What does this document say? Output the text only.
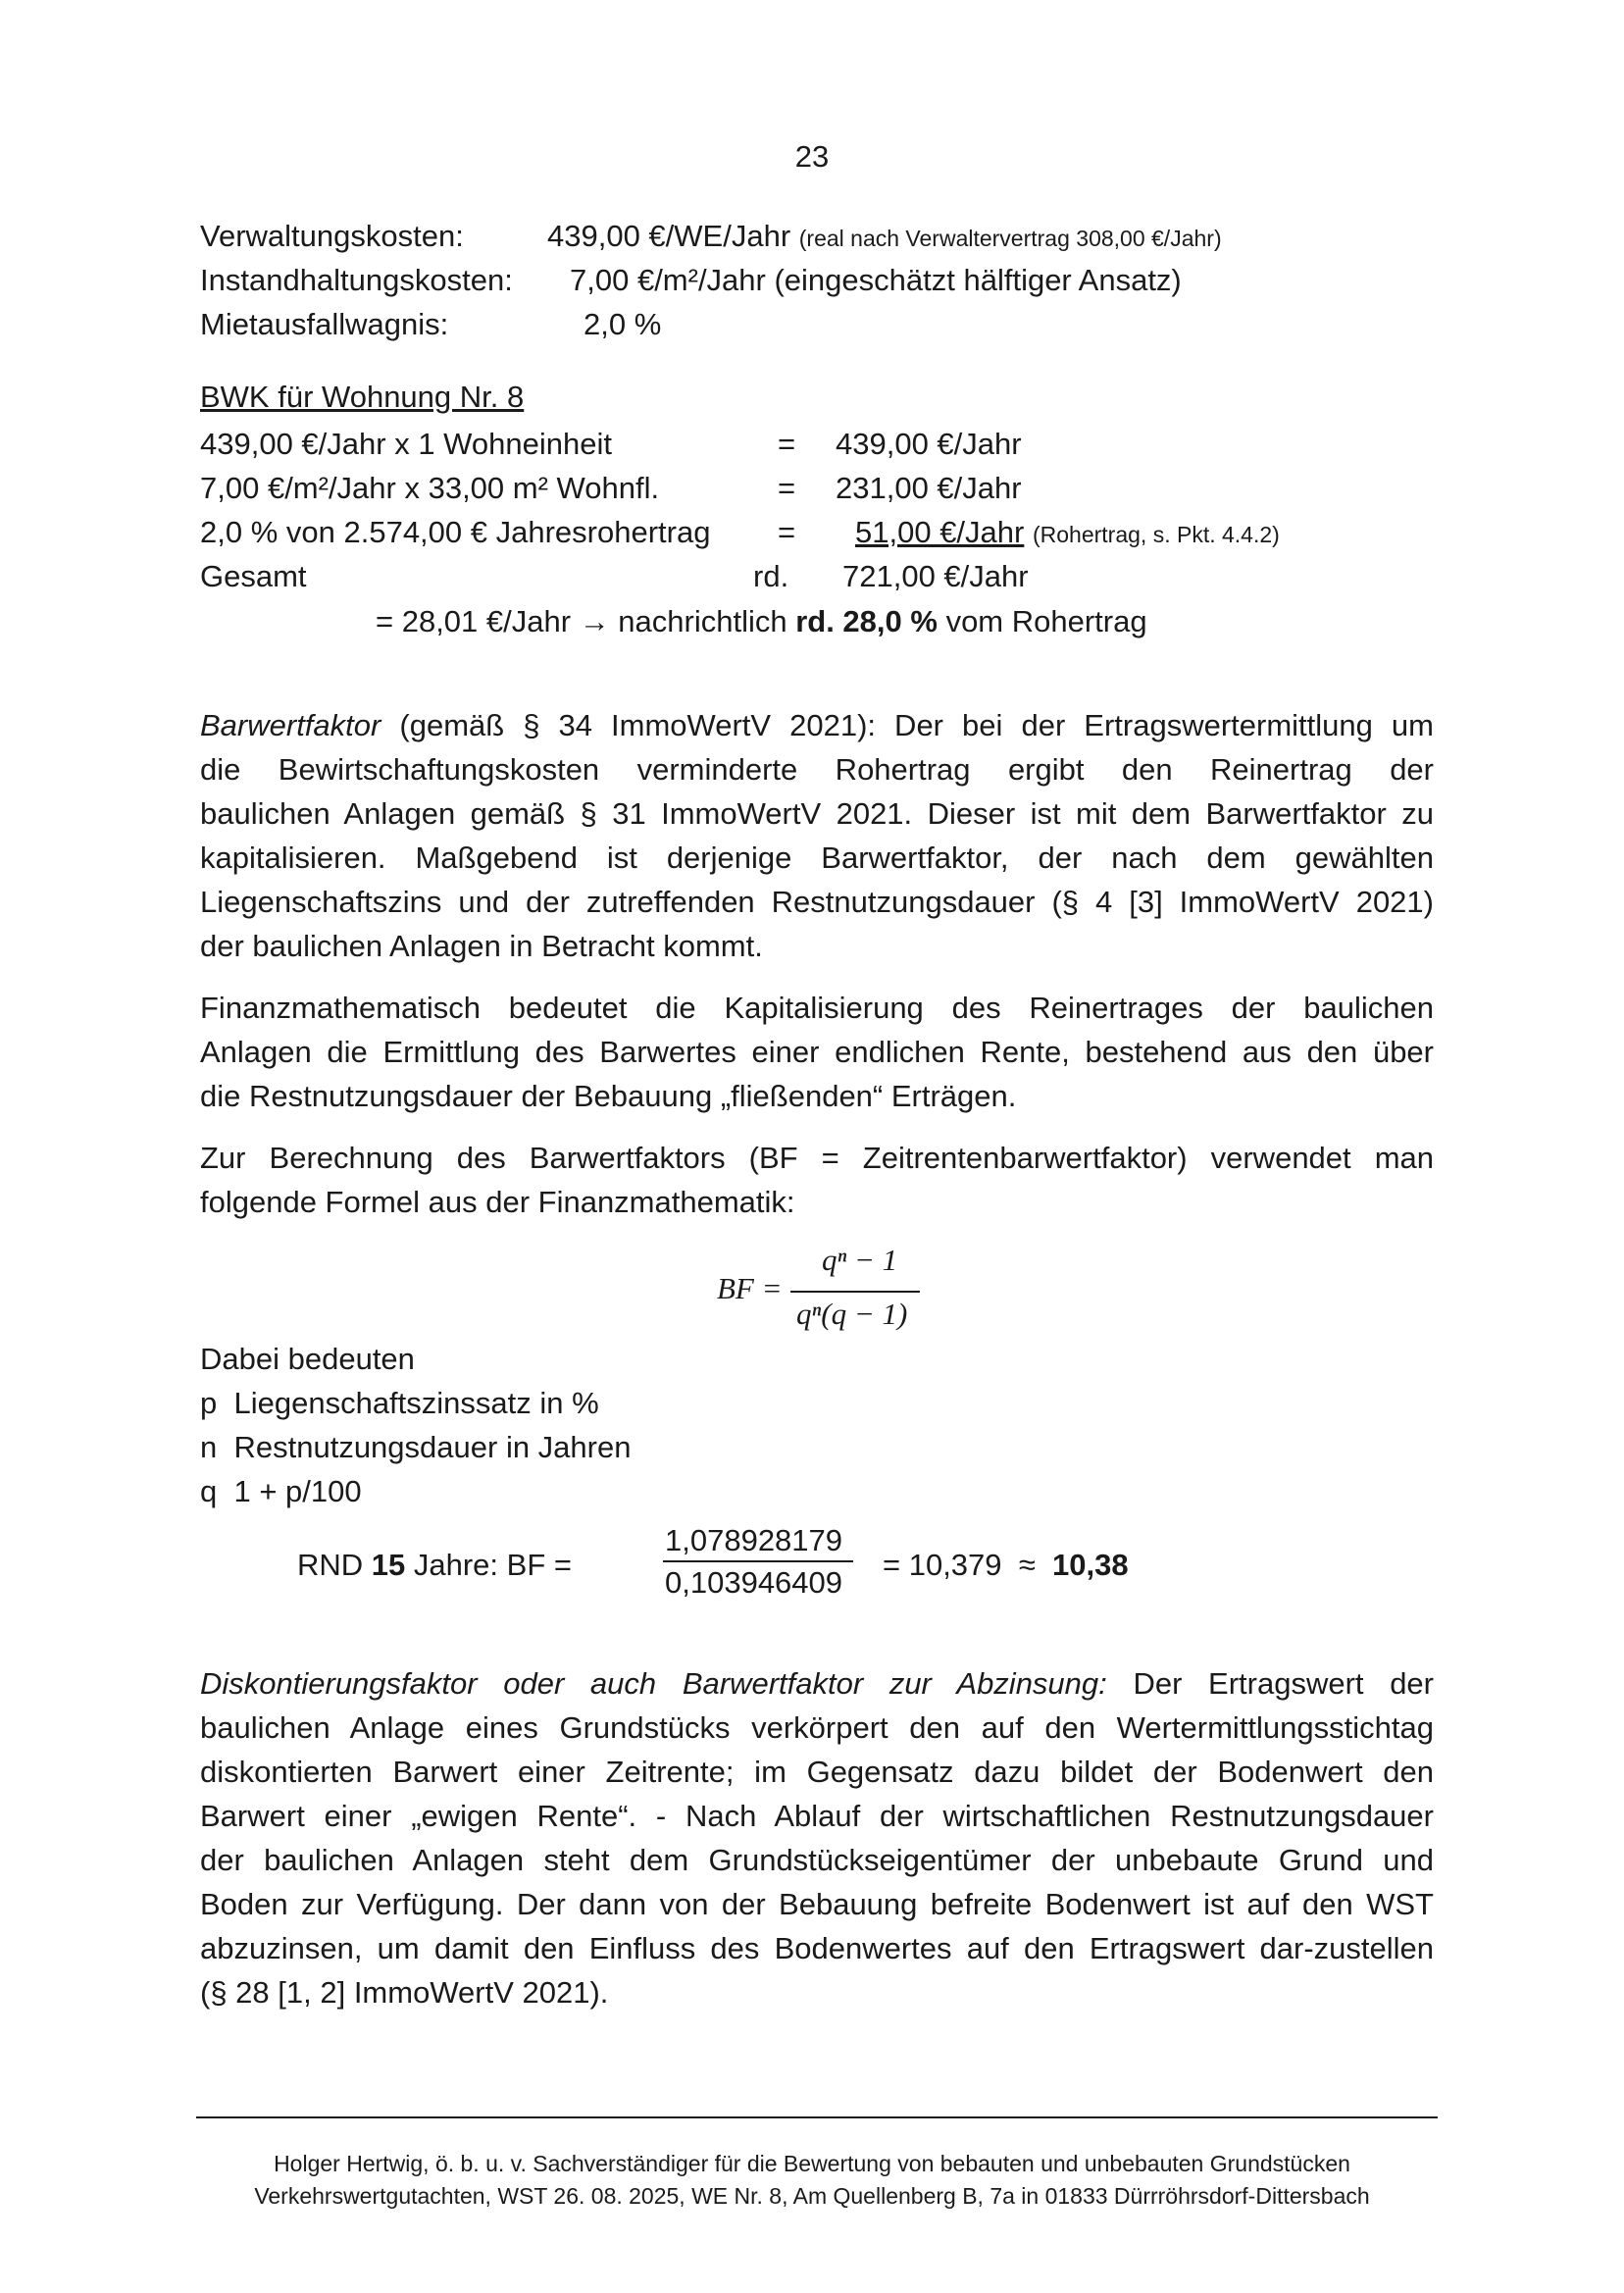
23
Verwaltungskosten:	439,00 €/WE/Jahr (real nach Verwaltervertrag 308,00 €/Jahr)
Instandhaltungskosten: 7,00 €/m²/Jahr (eingeschätzt hälftiger Ansatz)
Mietausfallwagnis:	2,0 %
BWK für Wohnung Nr. 8
439,00 €/Jahr x 1 Wohneinheit	= 439,00 €/Jahr
7,00 €/m²/Jahr x 33,00 m² Wohnfl.	= 231,00 €/Jahr
2,0 % von 2.574,00 € Jahresrohertrag = 51,00 €/Jahr (Rohertrag, s. Pkt. 4.4.2)
Gesamt	rd. 721,00 €/Jahr
= 28,01 €/Jahr → nachrichtlich rd. 28,0 % vom Rohertrag
Barwertfaktor (gemäß § 34 ImmoWertV 2021): Der bei der Ertragswertermittlung um
die Bewirtschaftungskosten verminderte Rohertrag ergibt den Reinertrag der
baulichen Anlagen gemäß § 31 ImmoWertV 2021. Dieser ist mit dem Barwertfaktor zu
kapitalisieren. Maßgebend ist derjenige Barwertfaktor, der nach dem gewählten
Liegenschaftszins und der zutreffenden Restnutzungsdauer (§ 4 [3] ImmoWertV 2021)
der baulichen Anlagen in Betracht kommt.
Finanzmathematisch bedeutet die Kapitalisierung des Reinertrages der baulichen
Anlagen die Ermittlung des Barwertes einer endlichen Rente, bestehend aus den über
die Restnutzungsdauer der Bebauung „fließenden“ Erträgen.
Zur Berechnung des Barwertfaktors (BF = Zeitrentenbarwertfaktor) verwendet man
folgende Formel aus der Finanzmathematik:
BF =
qⁿ − 1
qⁿ(q − 1)
Dabei bedeuten
p Liegenschaftszinssatz in %
n Restnutzungsdauer in Jahren
q 1 + p/100
RND 15 Jahre: BF =
1,078928179
0,103946409
= 10,379 ≈ 10,38
Diskontierungsfaktor oder auch Barwertfaktor zur Abzinsung: Der Ertragswert der
baulichen Anlage eines Grundstücks verkörpert den auf den Wertermittlungsstichtag
diskontierten Barwert einer Zeitrente; im Gegensatz dazu bildet der Bodenwert den
Barwert einer „ewigen Rente“. - Nach Ablauf der wirtschaftlichen Restnutzungsdauer
der baulichen Anlagen steht dem Grundstückseigentümer der unbebaute Grund und
Boden zur Verfügung. Der dann von der Bebauung befreite Bodenwert ist auf den WST
abzuzinsen, um damit den Einfluss des Bodenwertes auf den Ertragswert dar-zustellen
(§ 28 [1, 2] ImmoWertV 2021).
Holger Hertwig, ö. b. u. v. Sachverständiger für die Bewertung von bebauten und unbebauten Grundstücken
Verkehrswertgutachten, WST 26. 08. 2025, WE Nr. 8, Am Quellenberg B, 7a in 01833 Dürrröhrsdorf-Dittersbach
